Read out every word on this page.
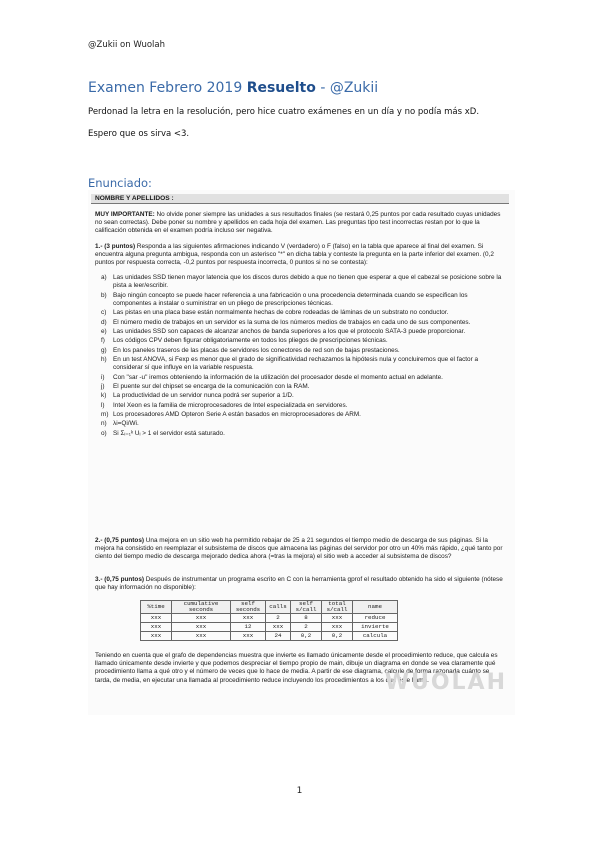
@Zukii on Wuolah
Examen Febrero 2019 Resuelto - @Zukii
Perdonad la letra en la resolución, pero hice cuatro exámenes en un día y no podía más xD.
Espero que os sirva <3.
Enunciado:
NOMBRE Y APELLIDOS :
MUY IMPORTANTE: No olvide poner siempre las unidades a sus resultados finales (se restará 0,25 puntos por cada resultado cuyas unidades no sean correctas). Debe poner su nombre y apellidos en cada hoja del examen. Las preguntas tipo test incorrectas restan por lo que la calificación obtenida en el examen podría incluso ser negativa.
1.- (3 puntos) Responda a las siguientes afirmaciones indicando V (verdadero) o F (falso) en la tabla que aparece al final del examen. Si encuentra alguna pregunta ambigua, responda con un asterisco "*" en dicha tabla y conteste la pregunta en la parte inferior del examen. (0,2 puntos por respuesta correcta, -0,2 puntos por respuesta incorrecta, 0 puntos si no se contesta):
a) Las unidades SSD tienen mayor latencia que los discos duros debido a que no tienen que esperar a que el cabezal se posicione sobre la pista a leer/escribir.
b) Bajo ningún concepto se puede hacer referencia a una fabricación o una procedencia determinada cuando se especifican los componentes a instalar o suministrar en un pliego de prescripciones técnicas.
c) Las pistas en una placa base están normalmente hechas de cobre rodeadas de láminas de un substrato no conductor.
d) El número medio de trabajos en un servidor es la suma de los números medios de trabajos en cada uno de sus componentes.
e) Las unidades SSD son capaces de alcanzar anchos de banda superiores a los que el protocolo SATA-3 puede proporcionar.
f) Los códigos CPV deben figurar obligatoriamente en todos los pliegos de prescripciones técnicas.
g) En los paneles traseros de las placas de servidores los conectores de red son de bajas prestaciones.
h) En un test ANOVA, si Fexp es menor que el grado de significatividad rechazamos la hipótesis nula y concluiremos que el factor a considerar sí que influye en la variable respuesta.
i) Con "sar -u" iremos obteniendo la información de la utilización del procesador desde el momento actual en adelante.
j) El puente sur del chipset se encarga de la comunicación con la RAM.
k) La productividad de un servidor nunca podrá ser superior a 1/D.
l) Intel Xeon es la familia de microprocesadores de Intel especializada en servidores.
m) Los procesadores AMD Opteron Serie A están basados en microprocesadores de ARM.
n) λi=Qi/Wi.
o) Si Σᵢ₌₁ᵏ Uᵢ > 1 el servidor está saturado.
2.- (0,75 puntos) Una mejora en un sitio web ha permitido rebajar de 25 a 21 segundos el tiempo medio de descarga de sus páginas. Si la mejora ha consistido en reemplazar el subsistema de discos que almacena las páginas del servidor por otro un 40% más rápido, ¿qué tanto por ciento del tiempo medio de descarga mejorado dedica ahora (=tras la mejora) el sitio web a acceder al subsistema de discos?
3.- (0,75 puntos) Después de instrumentar un programa escrito en C con la herramienta gprof el resultado obtenido ha sido el siguiente (nótese que hay información no disponible):
%time	cumulative seconds	self seconds	calls	self s/call	total s/call	name
xxx	xxx	xxx	2	8	xxx	reduce
xxx	xxx	12	xxx	2	xxx	invierte
xxx	xxx	xxx	24	0,2	0,2	calcula
Teniendo en cuenta que el grafo de dependencias muestra que invierte es llamado únicamente desde el procedimiento reduce, que calcula es llamado únicamente desde invierte y que podemos despreciar el tiempo propio de main, dibuje un diagrama en donde se vea claramente qué procedimiento llama a qué otro y el número de veces que lo hace de media. A partir de ese diagrama, calcule de forma razonada cuánto se tarda, de media, en ejecutar una llamada al procedimiento reduce incluyendo los procedimientos a los que éste llama.
WUOLAH
1
